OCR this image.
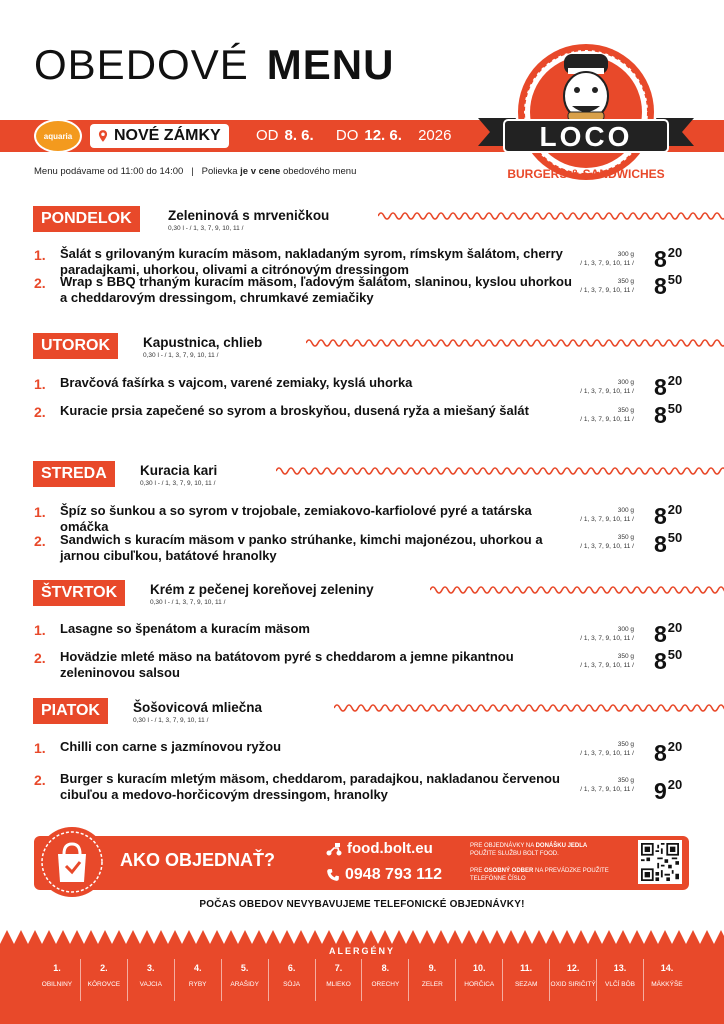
OBEDOVÉ MENU
aquaria	NOVÉ ZÁMKY OD 8. 6. DO 12. 6. 2026
Menu podávame od 11:00 do 14:00   |   Polievka je v cene obedového menu
LOCO
BURGERS & SANDWICHES
PONDELOK	Zeleninová s mrveničkou
0,30 l - / 1, 3, 7, 9, 10, 11 /
1. Šalát s grilovaným kuracím mäsom, nakladaným syrom, rímskym šalátom, cherry paradajkami, uhorkou, olivami a citrónovým dressingom
300 g
/ 1, 3, 7, 9, 10, $11 / 8^{20}$
2. Wrap s BBQ trhaným kuracím mäsom, ľadovým šalátom, slaninou, kyslou uhorkou a cheddarovým dressingom, chrumkavé zemiačiky
350 g
/ 1, 3, 7, 9, 10, $11 / 8^{50}$
UTOROK	Kapustnica, chlieb
0,30 l - / 1, 3, 7, 9, 10, 11 /
1. Bravčová fašírka s vajcom, varené zemiaky, kyslá uhorka	300 g
/ 1, 3, 7, 9, 10, $11 / 8^{20}$
2. Kuracie prsia zapečené so syrom a broskyňou, dusená ryža a miešaný šalát	350 g
/ 1, 3, 7, 9, 10, $11 / 8^{50}$
STREDA	Kuracia kari
0,30 l - / 1, 3, 7, 9, 10, 11 /
1. Špíz so šunkou a so syrom v trojobale, zemiakovo-karfiolové pyré a tatárska omáčka
300 g
/ 1, 3, 7, 9, 10, $11 / 8^{20}$
2. Sandwich s kuracím mäsom v panko strúhanke, kimchi majonézou, uhorkou a jarnou cibuľkou, batátové hranolky
350 g
/ 1, 3, 7, 9, 10, $11 / 8^{50}$
ŠTVRTOK	Krém z pečenej koreňovej zeleniny
0,30 l - / 1, 3, 7, 9, 10, 11 /
1. Lasagne so špenátom a kuracím mäsom	300 g
/ 1, 3, 7, 9, 10, $11 / 8^{20}$
2. Hovädzie mleté mäso na batátovom pyré s cheddarom a jemne pikantnou zeleninovou salsou
350 g
/ 1, 3, 7, 9, 10, $11 / 8^{50}$
PIATOK	Šošovicová mliečna
0,30 l - / 1, 3, 7, 9, 10, 11 /
1. Chilli con carne s jazmínovou ryžou	350 g
/ 1, 3, 7, 9, 10, $11 / 8^{20}$
2. Burger s kuracím mletým mäsom, cheddarom, paradajkou, nakladanou červenou cibuľou a medovo-horčicovým dressingom, hranolky
350 g
/ 1, 3, 7, 9, 10, $11 / 9^{20}$
AKO OBJEDNAŤ?
food.bolt.eu
0948 793 112
PRE OBJEDNÁVKY NA DONÁŠKU JEDLA
POUŽITE SLUŽBU BOLT FOOD.
PRE OSOBNÝ ODBER NA PREVÁDZKE POUŽITE TELEFÓNNE ČÍSLO
POČAS OBEDOV NEVYBAVUJEME TELEFONICKÉ OBJEDNÁVKY!
ALERGÉNY
1.
OBILNINY
2.
KÔROVCE
3.
VAJCIA
4.
RYBY
5.
ARAŠIDY
6.
SÓJA
7.
MLIEKO
8.
ORECHY
9.
ZELER
10.
HORČICA
11.
SEZAM
12.
OXID SIRIČITÝ
13.
VLČÍ BÔB
14.
MÄKKÝŠE
